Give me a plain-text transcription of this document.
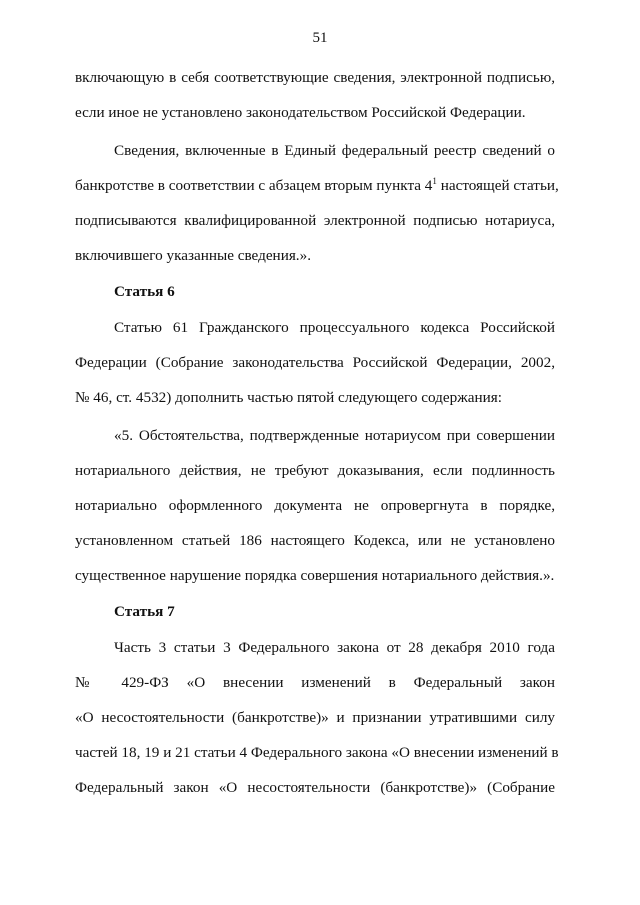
51
включающую в себя соответствующие сведения, электронной подписью,
если иное не установлено законодательством Российской Федерации.
Сведения, включенные в Единый федеральный реестр сведений о
банкротстве в соответствии с абзацем вторым пункта $4^1$ настоящей статьи,
подписываются квалифицированной электронной подписью нотариуса,
включившего указанные сведения.».
Статья 6
Статью 61 Гражданского процессуального кодекса Российской
Федерации (Собрание законодательства Российской Федерации, 2002,
№ 46, ст. 4532) дополнить частью пятой следующего содержания:
«5. Обстоятельства, подтвержденные нотариусом при совершении
нотариального действия, не требуют доказывания, если подлинность
нотариально оформленного документа не опровергнута в порядке,
установленном статьей 186 настоящего Кодекса, или не установлено
существенное нарушение порядка совершения нотариального действия.».
Статья 7
Часть 3 статьи 3 Федерального закона от 28 декабря 2010 года
№ 429-ФЗ «О внесении изменений в Федеральный закон
«О несостоятельности (банкротстве)» и признании утратившими силу
частей 18, 19 и 21 статьи 4 Федерального закона «О внесении изменений в
Федеральный закон «О несостоятельности (банкротстве)» (Собрание
